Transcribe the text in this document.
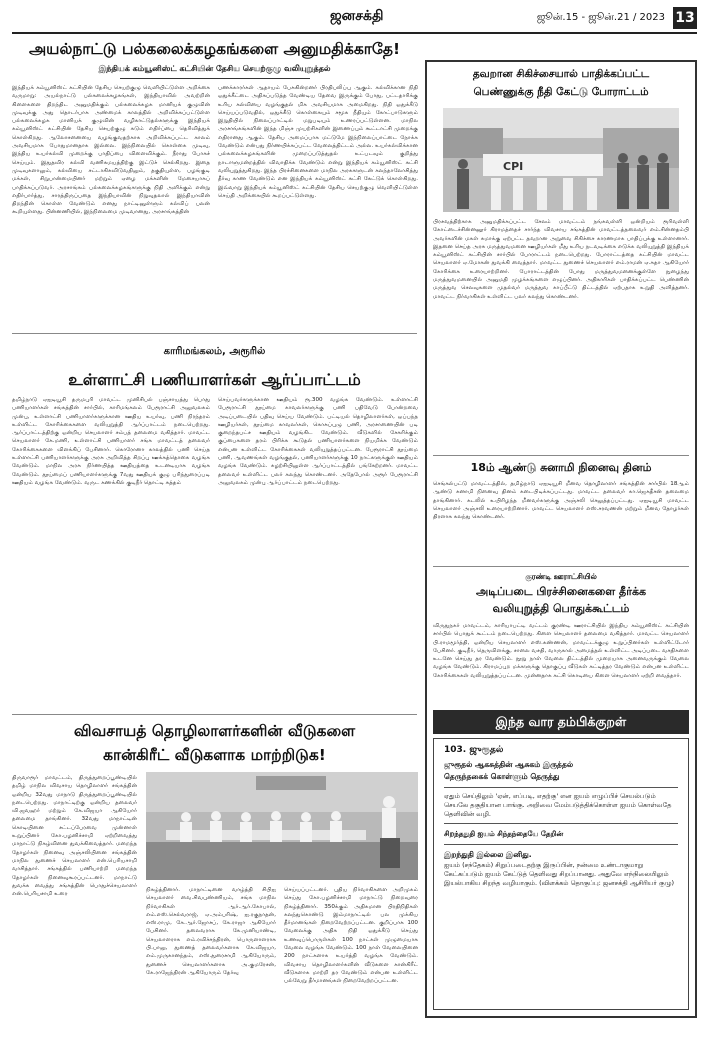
ஜனசக்தி	ஜூன்.15 - ஜூன்.21 / 2023 13
அயல்நாட்டு பல்கலைக்கழகங்களை அனுமதிக்காதே!
இந்தியக் கம்யூனிஸ்ட் கட்சியின் தேசிய செயற்குழு வலியுறுத்தல்
இந்தியக் கம்யூனிஸ்ட் கட்சியின் தேசிய செயற்குழு வெளியிட்டுள்ள அறிக்கை வருமாறு: அயல்நாட்டு பல்கலைக்கழகங்கள், இந்தியாவில் அவற்றின் கிளைகளை திறந்திட அனுமதிக்கும் பல்கலைக்கழக மானியக் குழுவின் முடிவுக்கு அது தொடர்பாக அண்மைக் காலத்தில் அறிவிக்கப்பட்டுள்ள பல்கலைக்கழக மானியக் குழுவின் வழிகாட்டுதல்களுக்கு இந்தியக் கம்யூனிஸ்ட் கட்சியின் தேசிய செயற்குழு கடும் எதிர்ப்பை தெரிவித்துக் கொள்கிறது. ஆலோசனையை வழங்குவதற்காக அறிவிக்கப்பட்ட காலம் அவசியமாக போதுமானதாக இல்லை. இந்நிலையில் கொள்கை முடிவு, இந்திய உயர்கல்வி முறைக்கு பாதிப்பை விளைவிக்கும். நீராது போகச் செய்யும். இதுதவிர கல்வி வணிகமயத்திற்கு இட்டுச் செல்கிறது. இதை முடிவுகளாலும், கல்வியை சட்டாகிசுவிடுவதிலும், தகுதியுள்ள, பழங்குடி மக்கள், சிறுபான்மையினர் மற்றும் ஏழை மக்களின் மேசையாகப் பாதிக்கப்படுவர். அரசாங்கம் பல்கலைக்கழகங்களுக்கு நிதி அளிக்கும் என்று எதிர்பார்த்து, சாரத்திருப்பதை இந்தியாவின் நிறுவுதலால் இந்தியாவின் திறந்தின் கொள்ள வேண்டும் எனது நாட்டினுள்ளும் கல்விப் பலன் கூறியுள்ளது. பின்னணியில், இந்நிலைமை முடிவானது, அரசாங்கத்தின்
பணக்காரர்கள் ஆதாயம் பேசுகின்றனர் பிரதிபலிப்பு ஆகும். கல்விக்கான நிதி ஒதுக்கீட்டை அதிகப்படுத்த வேண்டிய தேவை இருக்கும் போது, பட்டதாரிக்கு உரிய கல்வியை வழங்குதல் மிக அவசியமாக அமைகிறது. நிதி ஒதுக்கீடு செய்யப்படுவதில், ஒதுக்கீடு கொள்கையும் சமூக நீதியும் கோட்பாடுகளும் இறுதியில் நிலைப்பாட்டில் மறுபடியும் உணரப்பட்டுள்ளன. மாநில அரசாங்கங்களின் இந்த மிஞ்ச முயற்சிகளின் இணைப்பும் கூட்டாட்சி முறைக்கு எதிரானது ஆகும். தேசிய அமைப்பாக மட்டுமே இந்நிலைப்பாட்டை நோக்க வேண்டும் என்பது நிர்ணயிக்கப்பட்ட வேலைத்திட்டம் அல்ல. உயர்கல்விக்கான பல்கலைக்கழகங்களின் முறைப்படுத்துதல் உட்படவும் குறித்து நாடாளுமன்றத்தில் விவாதிக்க வேண்டும் என்று இந்தியக் கம்யூனிஸ்ட் கட்சி வலியுறுத்துகிறது. இந்த பிரச்சினைகளை மாநில அரசுகளுடன் கலந்தாலோசித்து தீர்வு காண வேண்டும் என இந்தியக் கம்யூனிஸ்ட் கட்சி கேட்டுக் கொள்கிறது. இவ்வாறு இந்தியக் கம்யூனிஸ்ட் கட்சியின் தேசிய செயற்குழு வெளியிட்டுள்ள செய்தி அறிக்கையில் கூறப்பட்டுள்ளது.
காரிமங்கலம், அரூரில்
உள்ளாட்சி பணியாளர்கள் ஆர்ப்பாட்டம்
தமிழ்நாடு ஏஐடியூசி தருமபுரி மாவட்ட முனிசிபல் பஞ்சாயத்து பொது பணியாளர்கள் சங்கத்தின் சார்பில், காரிமங்கலம் பேரூராட்சி அலுவலகம் முன்பு, உள்ளாட்சி பணியாளர்களுக்கான ஊதிய உயர்வு, பணி நிரந்தரம் உள்ளிட்ட கோரிக்கைகளை வலியுறுத்தி ஆர்ப்பாட்டம் நடைபெற்றது. ஆர்ப்பாட்டத்திற்கு ஒன்றிய செயலாளர் சம்பத் தலைமை வகித்தார். மாவட்ட செயலாளர் கே.மணி, உள்ளாட்சி பணியாளர் சங்க மாவட்டத் தலைவர் கோரிக்கைகளை விளக்கிப் பேசினார். கொரோனா காலத்தில் பணி செய்த உள்ளாட்சி பணியாளர்களுக்கு அரசு அறிவித்த சிறப்பு ஊக்கத்தொகை வழங்க வேண்டும். மாநில அரசு நிர்ணயித்த ஊதியத்தை உடனடியாக வழங்க வேண்டும். தூய்மைப் பணியாளர்களுக்கு 7வது ஊதியக் குழு பரிந்துரைப்படி ஊதியம் வழங்க வேண்டும். வருட கணக்கில் குடிநீர் தொட்டி சுத்தம்
செய்பவர்களுக்கான ஊதியம் ரூ.300 வழங்க வேண்டும். உள்ளாட்சி பேரூராட்சி தூய்மை காவலர்களுக்கு பணி பதிவேடு போன்றவை அடிப்படையில் பதிவு செய்ய வேண்டும். பட்டியல் தொழிலாளர்கள், ஒப்பந்த ஊழியர்கள், தூய்மை காவலர்கள், கொசுப்புழு பணி, அரசாணையின் படி குறைந்தபட்ச ஊதியம் வழங்கிட வேண்டும். வீடுகளில் சேகரிக்கும் குப்பைகளை தரம் பிரிக்க கூடுதல் பணியாளர்களை நியமிக்க வேண்டும் என்பன உள்ளிட்ட கோரிக்கைகள் வலியுறுத்தப்பட்டன. பேரூராட்சி தூய்மை பணி, ஆவணங்கள் வழங்குதல், பணியாளர்களுக்கு 10 நாட்களுக்குள் ஊதியம் வழங்க வேண்டும். சுழற்சியிலுள்ள ஆர்ப்பாட்டத்தில் பங்கேற்றனர். மாவட்ட தலைவர் உள்ளிட்ட பலர் கலந்து கொண்டனர். அதேபோல் அரூர் பேரூராட்சி அலுவலகம் முன்பு ஆர்ப்பாட்டம் நடைபெற்றது.
விவசாயத் தொழிலாளர்களின் வீடுகளை
கான்கிரீட் வீடுகளாக மாற்றிடுக!
திருவாரூர் மாவட்டம், திருத்துறைப்பூண்டியில் தமிழ் மாநில விவசாய தொழிலாளர் சங்கத்தின் ஒன்றிய 32வது மாநாடு திருத்துறைப்பூண்டியில் நடைபெற்றது. மாநாட்டிற்கு ஒன்றிய தலைவர் வி.ஜவஹர் மற்றும் கே.விஜயா ஆகியோர் தலைமை தாங்கினர். 32வது மாநாட்டின் கொடியினை சட்டப்பேரவை முன்னாள் உறுப்பினர் கோ.பழனிச்சாமி ஏற்றிவைத்து மாநாட்டு நிகழ்வினை துவக்கிவைத்தார். மறைந்த தோழர்கள் நினைவு அஞ்சலியினை சங்கத்தின் மாநில துணைச் செயலாளர் என்.பெரியசாமி வாசித்தார். சங்கத்தில் பணியாற்றி மறைந்த தோழர்கள் நினைவுகூரப்பட்டனர். மாநாட்டு துவக்க வைத்து சங்கத்தின் பொதுச்செயலாளர் என்.பெரியசாமி உரை
நிகழ்த்தினார். மாநாட்டினை வாழ்த்தி சிபிஐ செயலாளர் வை.சிவபுண்ணியம், சங்க மாநில நிர்வாகிகள் ஆர்.ஆர்.கோபால், எம்.எஸ்.செல்வராஜ், ஏ.அம்பரிஷ், ஐ.ரகுநாதன், எஸ்.ராமு, கே.ஆர்.ஜோசப், கே.ராஜா ஆகியோர் பேசினர். தலைவராக கே.முனியாண்டி, செயலாளராக எம்.ரவிச்சந்திரன், பொருளாளராக பி.பாலு, துணைத் தலைவர்களாக கே.விஜயா, எம்.முருகானந்தம், எஸ்.துரைசாமி ஆகியோரும், துணைச் செயலாளர்களாக அ.குமரேசன், கே.ராஜேந்திரன் ஆகியோரும் தேர்வு
செய்யப்பட்டனர். புதிய நிர்வாகிகளை அறிமுகம் செய்து கோ.பழனிச்சாமி மாநாட்டு நிறைவுரை நிகழ்த்தினார். 350க்கும் அதிகமான பிரதிநிதிகள் கலந்துகொண்டு இம்மாநாட்டில் பல முக்கிய தீர்மானங்கள் நிறைவேற்றப்பட்டன. குறிப்பாக 100 வேலைக்கு அதிக நிதி ஒதுக்கீடு செய்து உணவுப்பொருள்கள் 100 நாட்கள் முழுமையாக வேலை வழங்க வேண்டும். 100 நாள் வேலையினை 200 நாட்களாக உயர்த்தி வழங்க வேண்டும். விவசாய தொழிலாளர்களின் வீடுகளை கான்கிரீட் வீடுகளாக மாற்றி தர வேண்டும் என்பன உள்ளிட்ட பல்வேறு தீர்மானங்கள் நிறைவேற்றப்பட்டன.
தவறான சிகிச்சையால் பாதிக்கப்பட்ட
பெண்ணுக்கு நீதி கேட்டு போராட்டம்
CPI
பிரசவத்திற்காக அனுமதிக்கப்பட்ட சேலம் மாவட்டம் நங்கவள்ளி ஒன்றியம் ரூரிவள்ளி கோட்டைச்சின்னனூர் கிராமத்தைச் சார்ந்த விவசாய சங்கத்தின் மாவட்டத்தலைவர் எம்.சின்னதம்பி அவர்களின் மகள் சுமாக்கு ஏற்பட்ட தவறான அறுவை சிகிச்சை காரணமாக பாதிப்புக்கு உள்ளானார். இதனை செய்த அரசு மருத்துவமனை ஊழியர்கள் மீது உரிய நடவடிக்கை எடுக்க வலியுறுத்தி இந்தியக் கம்யூனிஸ்ட் கட்சியின் சார்பில் போராட்டம் நடைபெற்றது. போராட்டத்தை கட்சியின் மாவட்ட செயலாளர் ஏ.மோகன் துவக்கி வைத்தார். மாவட்ட துணைச் செயலாளர் எம்.ராமன் ஏ.சுதா ஆகியோர் கோரிக்கை உரையாற்றினர். போராட்டத்தின் போது மருத்துவமனைக்குள்ளே நுழைந்து மருத்துவமனையில் அனுமதி முழக்கங்களை எழுப்பினர். அதிகாரிகள் பாதிக்கப்பட்ட பெண்ணின் மருத்துவ செலவுகளை முதல்வர் மருத்துவ காப்பீட்டு திட்டத்தில் ஏற்பதாக உறுதி அளித்தனர். மாவட்ட நிர்வாகிகள் உள்ளிட்ட பலர் கலந்து கொண்டனர்.
18ம் ஆண்டு சுனாமி நினைவு தினம்
செங்கல்பட்டு மாவட்டத்தில், தமிழ்நாடு ஏஐடியூசி மீனவ தொழிலாளர் சங்கத்தின் சார்பில் 18ஆம் ஆண்டு சுனாமி நினைவு தினம் கடைபிடிக்கப்பட்டது. மாவட்ட தலைவர் கா.ஜெகதீசன் தலைமை தாங்கினார். கடலில் உயிரிழந்த மீனவர்களுக்கு அஞ்சலி செலுத்தப்பட்டது. ஏஐடியூசி மாவட்ட செயலாளர் அஞ்சலி உரையாற்றினார். மாவட்ட செயலாளர் எஸ்.சரவணன் மற்றும் மீனவ தோழர்கள் திரளாக கலந்து கொண்டனர்.
குரண்டி ஊராட்சியில்
அடிப்படை பிரச்சினைகளை தீர்க்க
வலியுறுத்தி பொதுக்கூட்டம்
விருதுநகர் மாவட்டம், காரியாபட்டி வட்டம் குரண்டி ஊராட்சியில் இந்திய கம்யூனிஸ்ட் கட்சியின் சார்பில் பொதுக் கூட்டம் நடைபெற்றது. கிளை செயலாளர் தலைமை வகித்தார். மாவட்ட செயலாளர் பி.ராமமூர்த்தி, ஒன்றிய செயலாளர் எஸ்.கண்ணன், மாவட்டக்குழு உறுப்பினர்கள் உள்ளிட்டோர் பேசினர். குடிநீர், தெருவிளக்கு, சாலை வசதி, வாருகால் அமைத்தல் உள்ளிட்ட அடிப்படை வசதிகளை உடனே செய்து தர வேண்டும். நூறு நாள் வேலை திட்டத்தில் முறையாக அனைவருக்கும் வேலை வழங்க வேண்டும். கிராமப்புற மக்களுக்கு தொகுப்பு வீடுகள் கட்டித்தர வேண்டும் என்பன உள்ளிட்ட கோரிக்கைகள் வலியுறுத்தப்பட்டன. முன்னதாக கட்சி கொடியை கிளை செயலாளர் ஏற்றி வைத்தார்.
இந்த வார தம்பிக்குறள்
103. ஜுரூதல்
ஜுரூதல் ஆகசுத்தின் ஆசுகம் இருத்தல்
தெருந்தகைக் கொள்ளும் தெருத்து
ஏதும் செய்திலும் 'ஏன், எப்படி, எதற்கு' என ஐயம் எழுப்பிச் செயல்படும் செயலே தகுதியான பாங்கு. அறிவை மேம்படுத்திக்கொள்ள ஐயம் கொள்வதே தெளிவின் வழி.
சிறந்ததுதி ஐயம் சிந்தந்தையே தேறின்
இறந்துதி இல்லை இனிது.
ஐயம் (சந்தேகம்) சிறுப்படைதற்கு இருப்பின், நன்மை உண்டாகுமாறு கேட்கப்படும் ஐயம் கேட்டுத் தெளிவது சிறப்பானது. அதுவே எந்நிலையிலும் இயல்பாகிய சிறந்த வழியாகும். (விளக்கம் தொகுப்பு: ஜனசக்தி ஆசிரியர் குழு)
